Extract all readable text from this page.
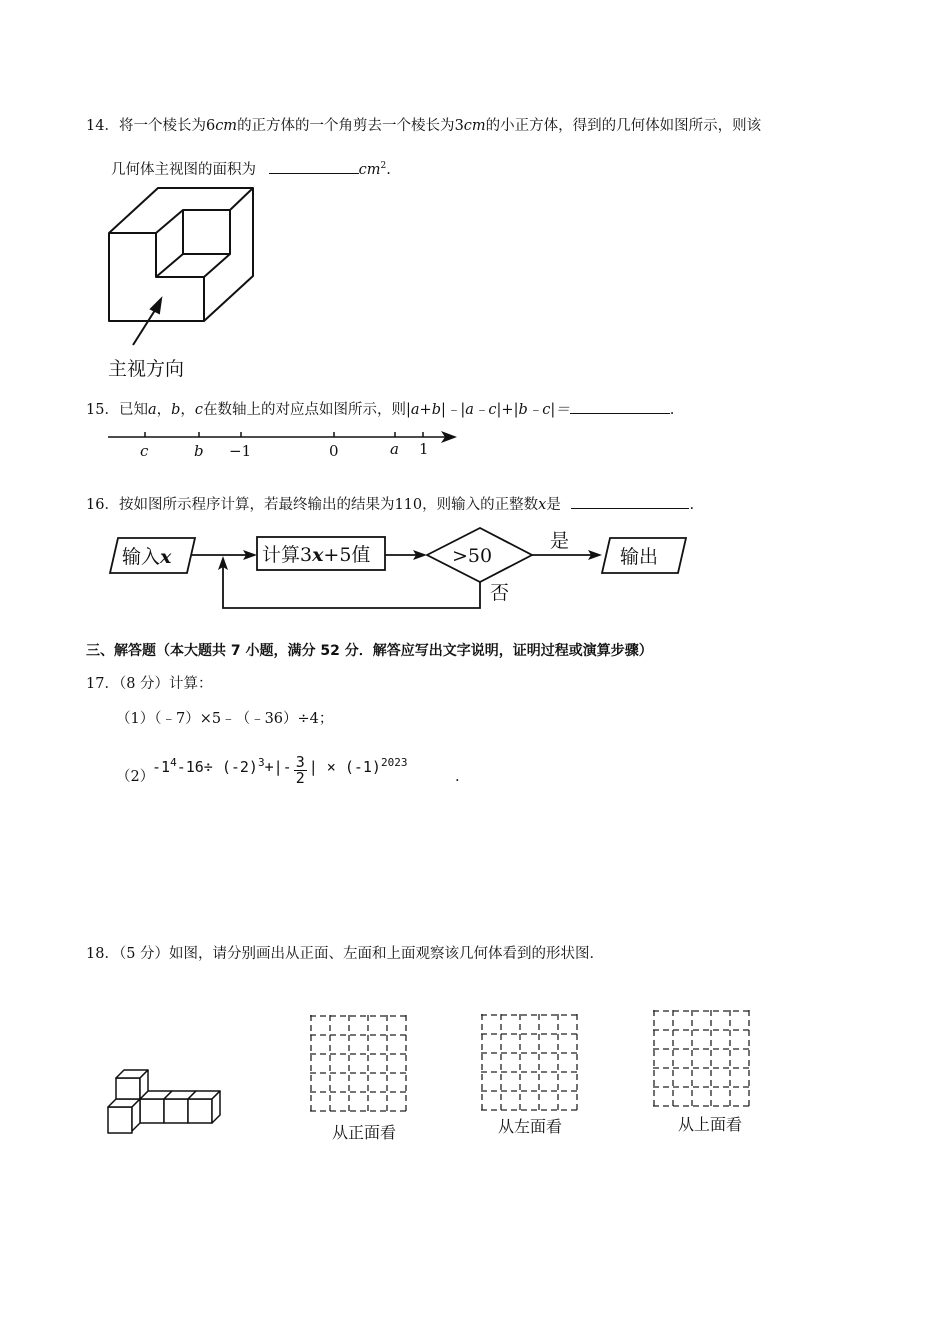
14．将一个棱长为6cm的正方体的一个角剪去一个棱长为3cm的小正方体，得到的几何体如图所示，则该
几何体主视图的面积为	$cm^2$.
主视方向
15．已知a，b，c在数轴上的对应点如图所示，则|a+b|﹣|a﹣c|+|b﹣c|＝	.
c	b −1	0	a 1
16．按如图所示程序计算，若最终输出的结果为110，则输入的正整数x是	.
输入x	计算3x+5值	>50
是
否
输出
三、解答题（本大题共 7 小题，满分 52 分．解答应写出文字说明，证明过程或演算步骤）
17．（8 分）计算：
（1）（﹣7）×5﹣（﹣36）÷4；
（2）
$-1^4-16\div (-2)^3+|- \frac{3}{2}$ | × $(-1)^{2023}$
.
18．（5 分）如图，请分别画出从正面、左面和上面观察该几何体看到的形状图．
从正面看	从左面看	从上面看
